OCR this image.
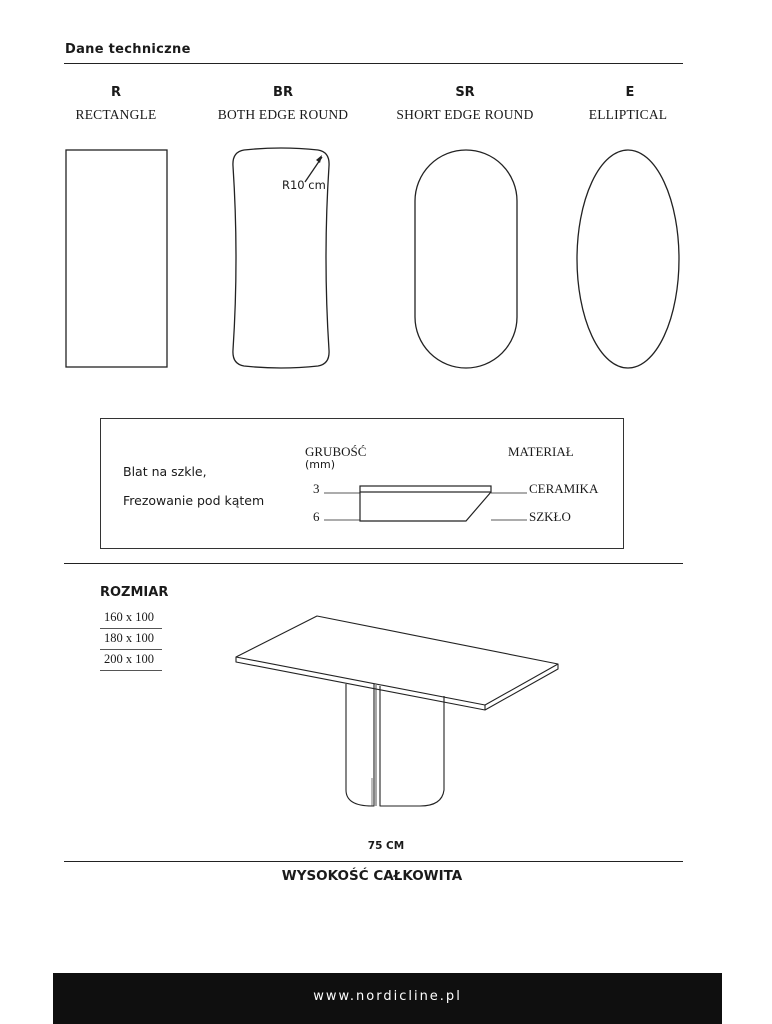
Dane techniczne
R
RECTANGLE
BR
BOTH EDGE ROUND
SR
SHORT EDGE ROUND
E
ELLIPTICAL
R10 cm
Blat na szkle,
Frezowanie pod kątem
GRUBOŚĆ
(mm)
MATERIAŁ
3
6
CERAMIKA
SZKŁO
ROZMIAR
160 x 100
180 x 100
200 x 100
75 CM
WYSOKOŚĆ CAŁKOWITA
www.nordicline.pl
